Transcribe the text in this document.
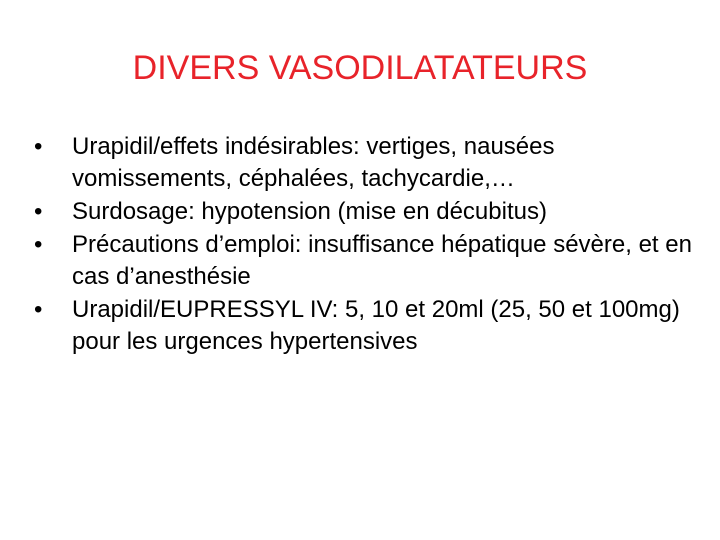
DIVERS VASODILATATEURS
•	Urapidil/effets indésirables: vertiges, nausées vomissements, céphalées, tachycardie,…
•	Surdosage: hypotension (mise en décubitus)
•	Précautions d’emploi: insuffisance hépatique sévère, et en cas d’anesthésie
•	Urapidil/EUPRESSYL IV: 5, 10 et 20ml (25, 50 et 100mg) pour les urgences hypertensives
